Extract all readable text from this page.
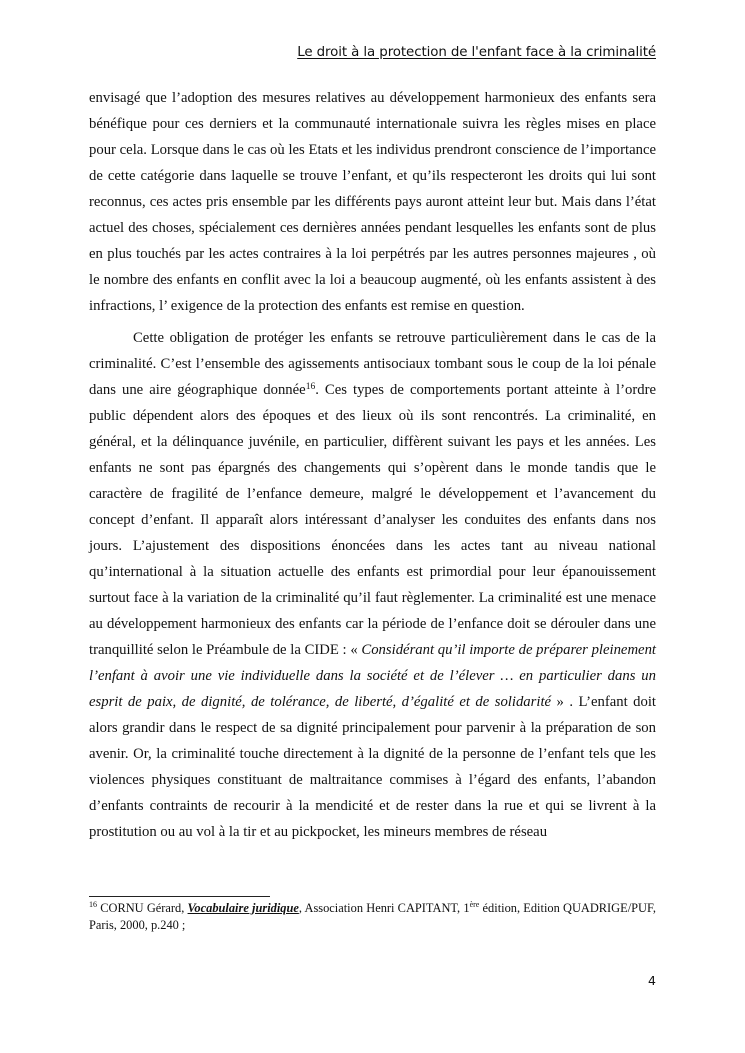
Le droit à la protection de l'enfant face à la criminalité

envisagé que l’adoption des mesures relatives au développement harmonieux des enfants sera bénéfique pour ces derniers et la communauté internationale suivra les règles mises en place pour cela. Lorsque dans le cas où les Etats et les individus prendront conscience de l’importance de cette catégorie dans laquelle se trouve l’enfant, et qu’ils respecteront les droits qui lui sont reconnus, ces actes pris ensemble par les différents pays auront atteint leur but. Mais dans l’état actuel des choses, spécialement ces dernières années pendant lesquelles les enfants sont de plus en plus touchés par les actes contraires à la loi perpétrés par les autres personnes majeures , où le nombre des enfants en conflit avec la loi a beaucoup augmenté, où les enfants assistent à des infractions, l’ exigence de la protection des enfants est remise en question.

Cette obligation de protéger les enfants se retrouve particulièrement dans le cas de la criminalité. C’est l’ensemble des agissements antisociaux tombant sous le coup de la loi pénale dans une aire géographique donnée$^{16}$. Ces types de comportements portant atteinte à l’ordre public dépendent alors des époques et des lieux où ils sont rencontrés. La criminalité, en général, et la délinquance juvénile, en particulier, diffèrent suivant les pays et les années. Les enfants ne sont pas épargnés des changements qui s’opèrent dans le monde tandis que le caractère de fragilité de l’enfance demeure, malgré le développement et l’avancement du concept d’enfant. Il apparaît alors intéressant d’analyser les conduites des enfants dans nos jours. L’ajustement des dispositions énoncées dans les actes tant au niveau national qu’international à la situation actuelle des enfants est primordial pour leur épanouissement surtout face à la variation de la criminalité qu’il faut règlementer. La criminalité est une menace au développement harmonieux des enfants car la période de l’enfance doit se dérouler dans une tranquillité selon le Préambule de la CIDE : « Considérant qu’il importe de préparer pleinement l’enfant à avoir une vie individuelle dans la société et de l’élever … en particulier dans un esprit de paix, de dignité, de tolérance, de liberté, d’égalité et de solidarité » . L’enfant doit alors grandir dans le respect de sa dignité principalement pour parvenir à la préparation de son avenir. Or, la criminalité touche directement à la dignité de la personne de l’enfant tels que les violences physiques constituant de maltraitance commises à l’égard des enfants, l’abandon d’enfants contraints de recourir à la mendicité et de rester dans la rue et qui se livrent à la prostitution ou au vol à la tir et au pickpocket, les mineurs membres de réseau

$^{16}$ CORNU Gérard, Vocabulaire juridique, Association Henri CAPITANT, 1ère édition, Edition QUADRIGE/PUF, Paris, 2000, p.240 ;
4
